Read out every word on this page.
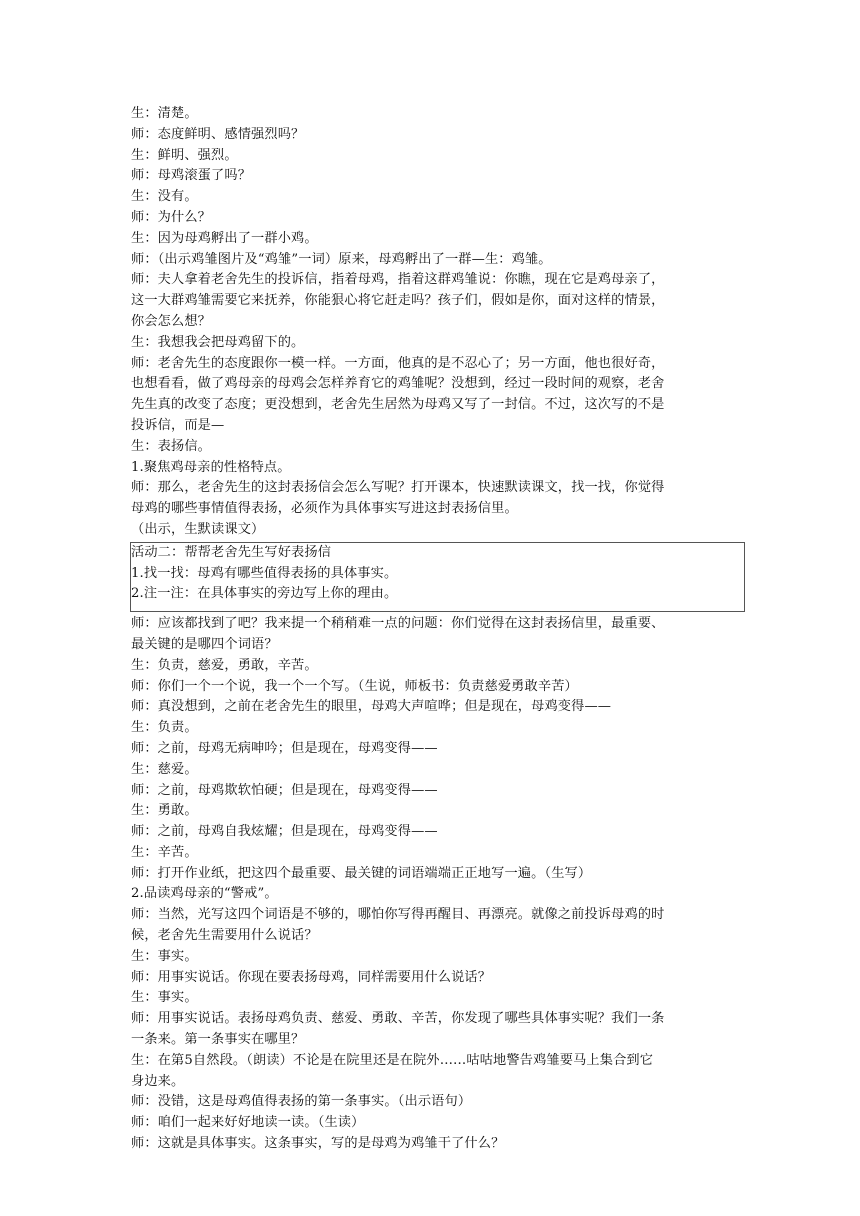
生：清楚。
师：态度鲜明、感情强烈吗？
生：鲜明、强烈。
师：母鸡滚蛋了吗？
生：没有。
师：为什么？
生：因为母鸡孵出了一群小鸡。
师：（出示鸡雏图片及“鸡雏”一词）原来，母鸡孵出了一群—生：鸡雏。
师：夫人拿着老舍先生的投诉信，指着母鸡，指着这群鸡雏说：你瞧，现在它是鸡母亲了，
这一大群鸡雏需要它来抚养，你能狠心将它赶走吗？孩子们，假如是你，面对这样的情景，
你会怎么想？
生：我想我会把母鸡留下的。
师：老舍先生的态度跟你一模一样。一方面，他真的是不忍心了；另一方面，他也很好奇，
也想看看，做了鸡母亲的母鸡会怎样养育它的鸡雏呢？没想到，经过一段时间的观察，老舍
先生真的改变了态度；更没想到，老舍先生居然为母鸡又写了一封信。不过，这次写的不是
投诉信，而是—
生：表扬信。
1.聚焦鸡母亲的性格特点。
师：那么，老舍先生的这封表扬信会怎么写呢？打开课本，快速默读课文，找一找，你觉得
母鸡的哪些事情值得表扬，必须作为具体事实写进这封表扬信里。
（出示，生默读课文）
活动二：帮帮老舍先生写好表扬信
1.找一找：母鸡有哪些值得表扬的具体事实。
2.注一注：在具体事实的旁边写上你的理由。
师：应该都找到了吧？我来提一个稍稍难一点的问题：你们觉得在这封表扬信里，最重要、
最关键的是哪四个词语？
生：负责，慈爱，勇敢，辛苦。
师：你们一个一个说，我一个一个写。（生说，师板书：负责慈爱勇敢辛苦）
师：真没想到，之前在老舍先生的眼里，母鸡大声喧哗；但是现在，母鸡变得——
生：负责。
师：之前，母鸡无病呻吟；但是现在，母鸡变得——
生：慈爱。
师：之前，母鸡欺软怕硬；但是现在，母鸡变得——
生：勇敢。
师：之前，母鸡自我炫耀；但是现在，母鸡变得——
生：辛苦。
师：打开作业纸，把这四个最重要、最关键的词语端端正正地写一遍。（生写）
2.品读鸡母亲的“警戒”。
师：当然，光写这四个词语是不够的，哪怕你写得再醒目、再漂亮。就像之前投诉母鸡的时
候，老舍先生需要用什么说话？
生：事实。
师：用事实说话。你现在要表扬母鸡，同样需要用什么说话？
生：事实。
师：用事实说话。表扬母鸡负责、慈爱、勇敢、辛苦，你发现了哪些具体事实呢？我们一条
一条来。第一条事实在哪里？
生：在第5自然段。（朗读）不论是在院里还是在院外……咕咕地警告鸡雏要马上集合到它
身边来。
师：没错，这是母鸡值得表扬的第一条事实。（出示语句）
师：咱们一起来好好地读一读。（生读）
师：这就是具体事实。这条事实，写的是母鸡为鸡雏干了什么？
